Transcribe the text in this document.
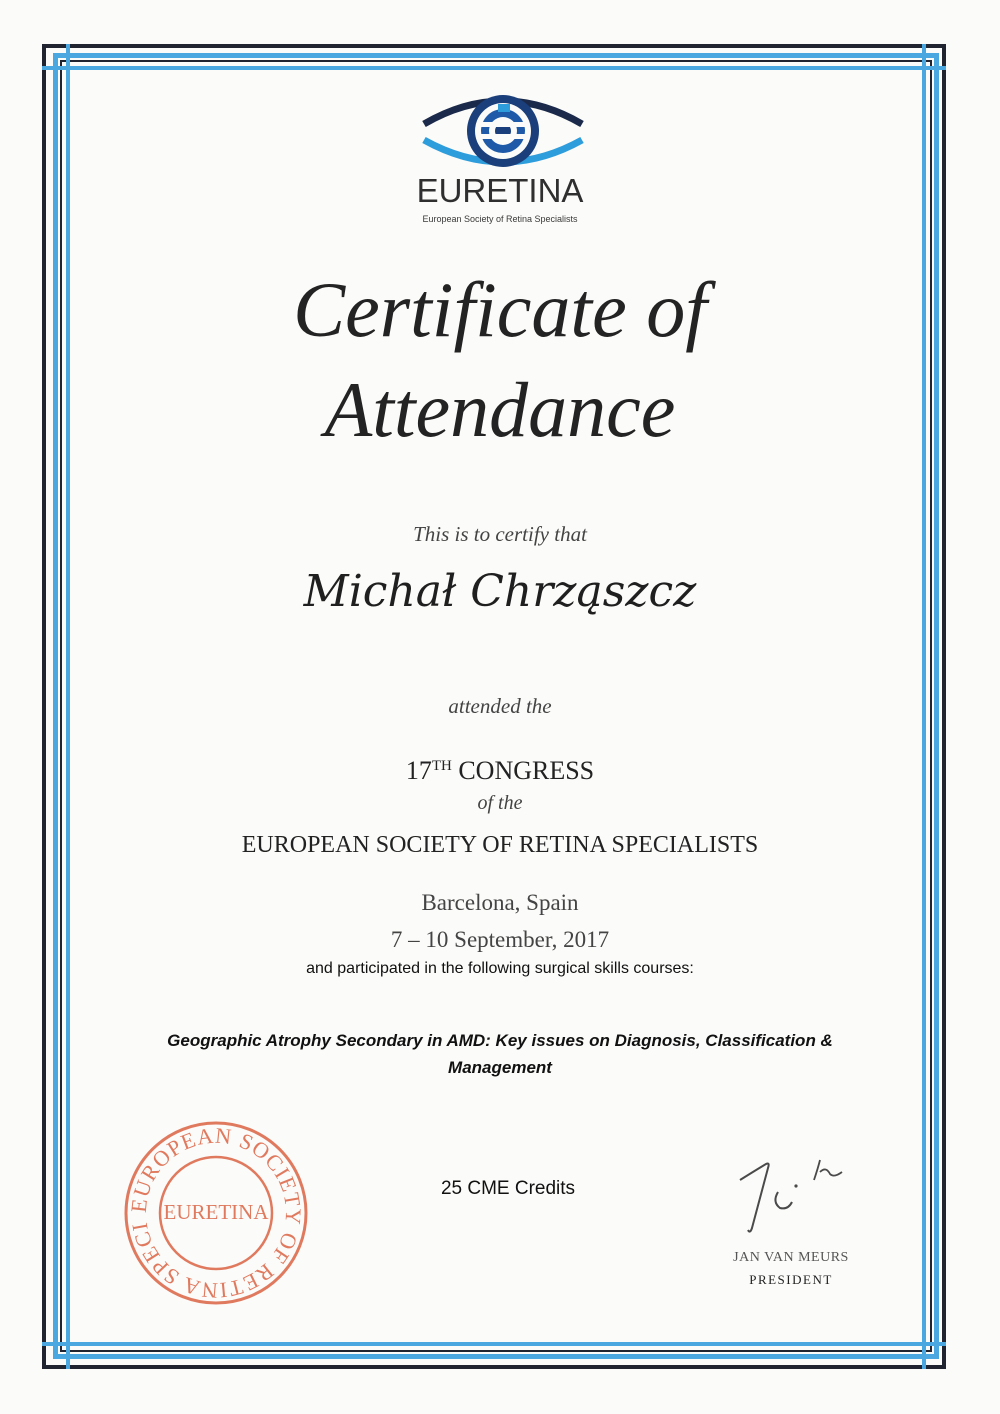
EURETINA
European Society of Retina Specialists
Certificate of
Attendance
This is to certify that
Michał Chrząszcz
attended the
17TH CONGRESS
of the
EUROPEAN SOCIETY OF RETINA SPECIALISTS
Barcelona, Spain
7 – 10 September, 2017
and participated in the following surgical skills courses:
Geographic Atrophy Secondary in AMD: Key issues on Diagnosis, Classification & Management
25 CME Credits
EUROPEAN SOCIETY OF RETINA SPECI
EURETINA
JAN VAN MEURS
PRESIDENT
